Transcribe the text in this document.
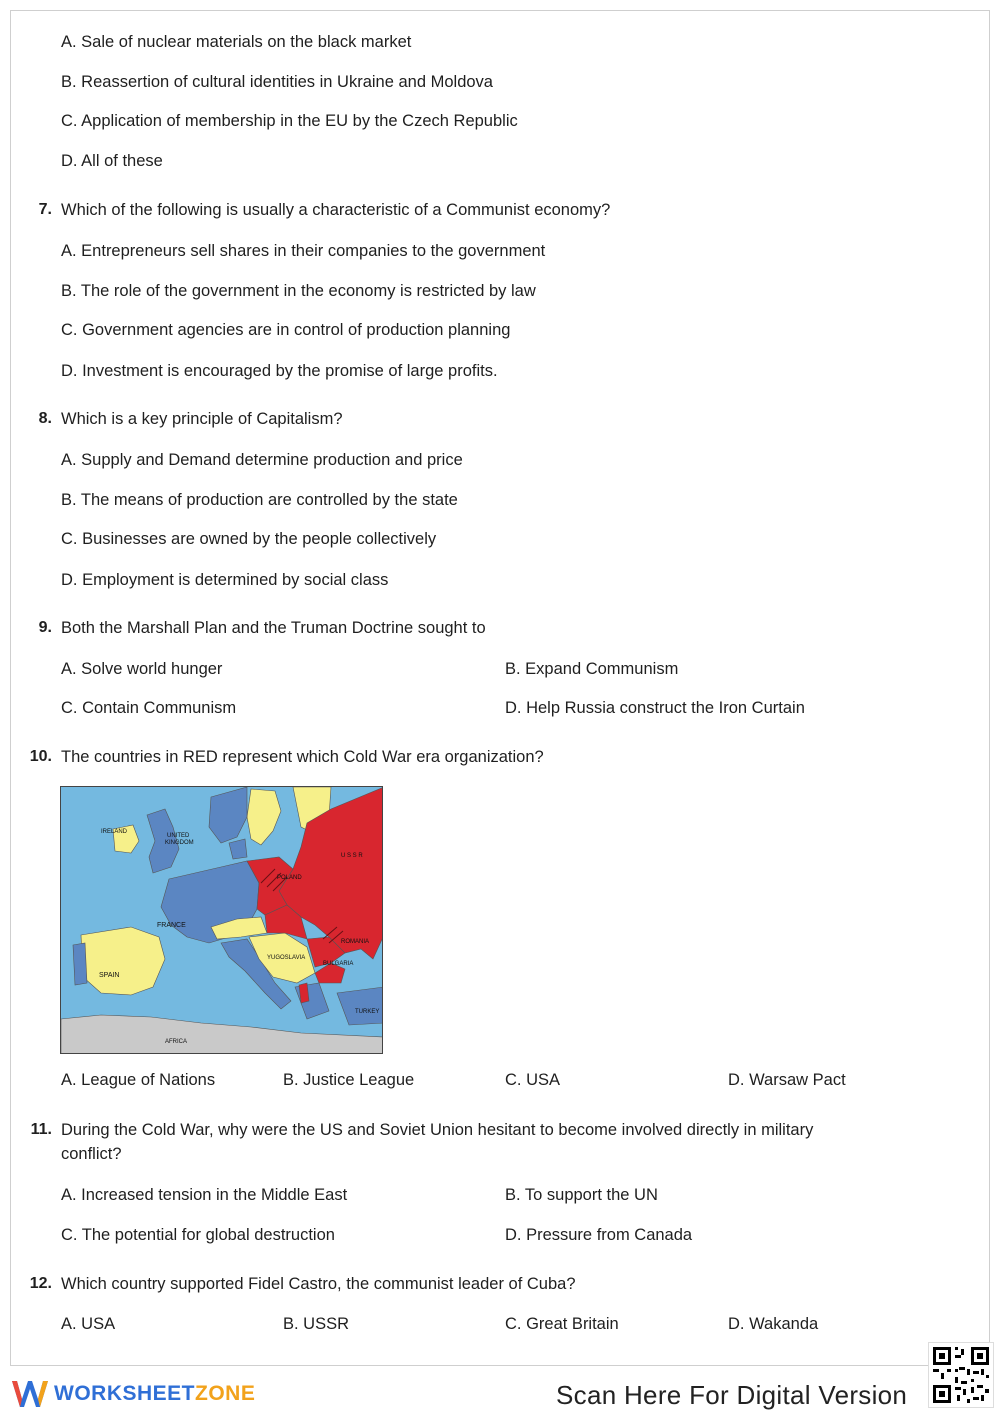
A. Sale of nuclear materials on the black market
B. Reassertion of cultural identities in Ukraine and Moldova
C. Application of membership in the EU by the Czech Republic
D. All of these
7. Which of the following is usually a characteristic of a Communist economy?
A. Entrepreneurs sell shares in their companies to the government
B. The role of the government in the economy is restricted by law
C. Government agencies are in control of production planning
D. Investment is encouraged by the promise of large profits.
8. Which is a key principle of Capitalism?
A. Supply and Demand determine production and price
B. The means of production are controlled by the state
C. Businesses are owned by the people collectively
D. Employment is determined by social class
9. Both the Marshall Plan and the Truman Doctrine sought to
A. Solve world hunger	B. Expand Communism
C. Contain Communism	D. Help Russia construct the Iron Curtain
10. The countries in RED represent which Cold War era organization?
IRELAND
UNITED
KINGDOM
FRANCE
SPAIN
POLAND
U S S R
YUGOSLAVIA
ROMANIA
BULGARIA
TURKEY
AFRICA
A. League of Nations	B. Justice League	C. USA	D. Warsaw Pact
11. During the Cold War, why were the US and Soviet Union hesitant to become involved directly in military
conflict?
A. Increased tension in the Middle East	B. To support the UN
C. The potential for global destruction	D. Pressure from Canada
12. Which country supported Fidel Castro, the communist leader of Cuba?
A. USA	B. USSR	C. Great Britain	D. Wakanda
WORKSHEETZONE	Scan Here For Digital Version
